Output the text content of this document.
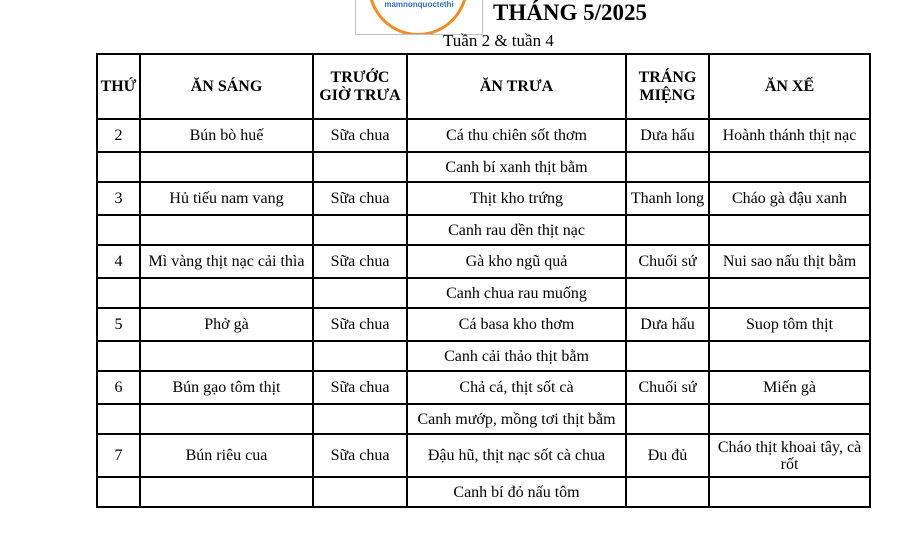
mamnonquoctethi	THÁNG 5/2025
Tuần 2 & tuần 4
THỨ	ĂN SÁNG	TRƯỚC GIỜ TRƯA	ĂN TRƯA	TRÁNG MIỆNG	ĂN XẾ
2	Bún bò huế	Sữa chua	Cá thu chiên sốt thơm	Dưa hấu	Hoành thánh thịt nạc
			Canh bí xanh thịt bằm		
3	Hủ tiếu nam vang	Sữa chua	Thịt kho trứng	Thanh long	Cháo gà đậu xanh
			Canh rau dền thịt nạc		
4	Mì vàng thịt nạc cải thìa	Sữa chua	Gà kho ngũ quả	Chuối sứ	Nui sao nấu thịt bằm
			Canh chua rau muống		
5	Phở gà	Sữa chua	Cá basa kho thơm	Dưa hấu	Suop tôm thịt
			Canh cải thảo thịt bằm		
6	Bún gạo tôm thịt	Sữa chua	Chả cá, thịt sốt cà	Chuối sứ	Miến gà
			Canh mướp, mồng tơi thịt bằm		
7	Bún riêu cua	Sữa chua	Đậu hũ, thịt nạc sốt cà chua	Đu đủ	Cháo thịt khoai tây, cà rốt
			Canh bí đỏ nấu tôm		
